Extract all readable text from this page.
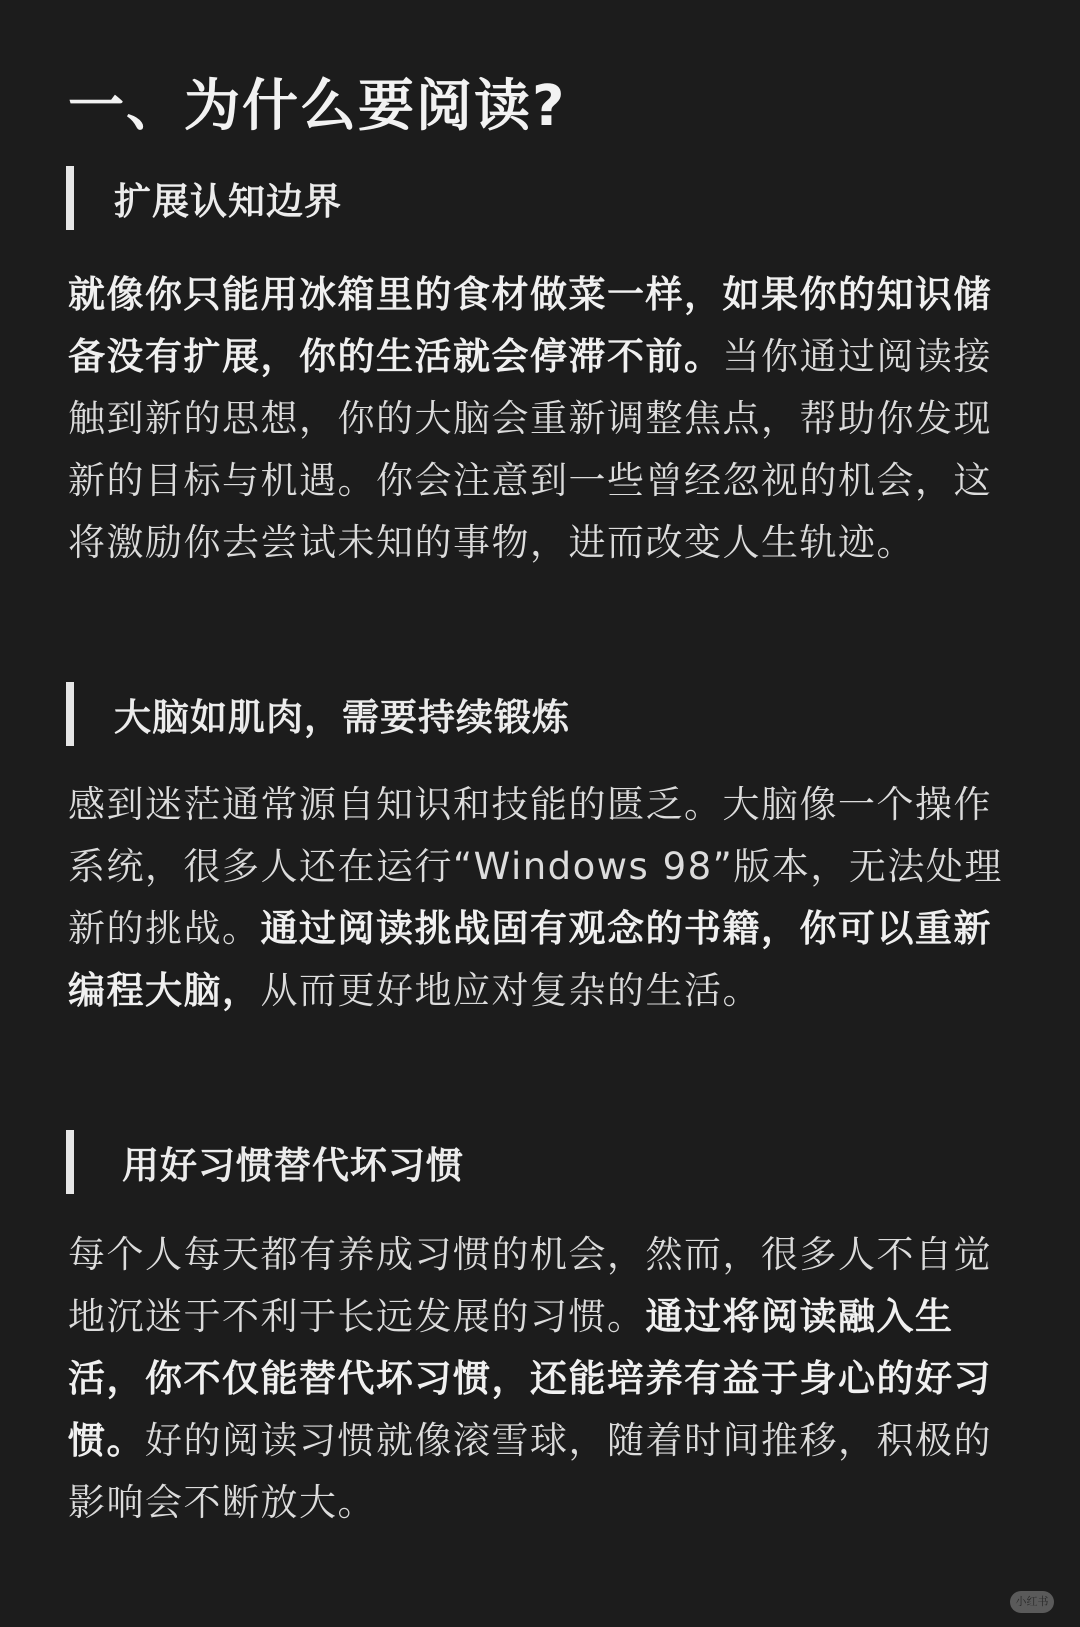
一、为什么要阅读?
扩展认知边界
就像你只能用冰箱里的食材做菜一样，如果你的知识储备没有扩展，你的生活就会停滞不前。当你通过阅读接触到新的思想，你的大脑会重新调整焦点，帮助你发现新的目标与机遇。你会注意到一些曾经忽视的机会，这将激励你去尝试未知的事物，进而改变人生轨迹。
大脑如肌肉，需要持续锻炼
感到迷茫通常源自知识和技能的匮乏。大脑像一个操作系统，很多人还在运行“Windows 98”版本，无法处理新的挑战。通过阅读挑战固有观念的书籍，你可以重新编程大脑，从而更好地应对复杂的生活。
用好习惯替代坏习惯
每个人每天都有养成习惯的机会，然而，很多人不自觉地沉迷于不利于长远发展的习惯。通过将阅读融入生活，你不仅能替代坏习惯，还能培养有益于身心的好习惯。好的阅读习惯就像滚雪球，随着时间推移，积极的影响会不断放大。
小红书
